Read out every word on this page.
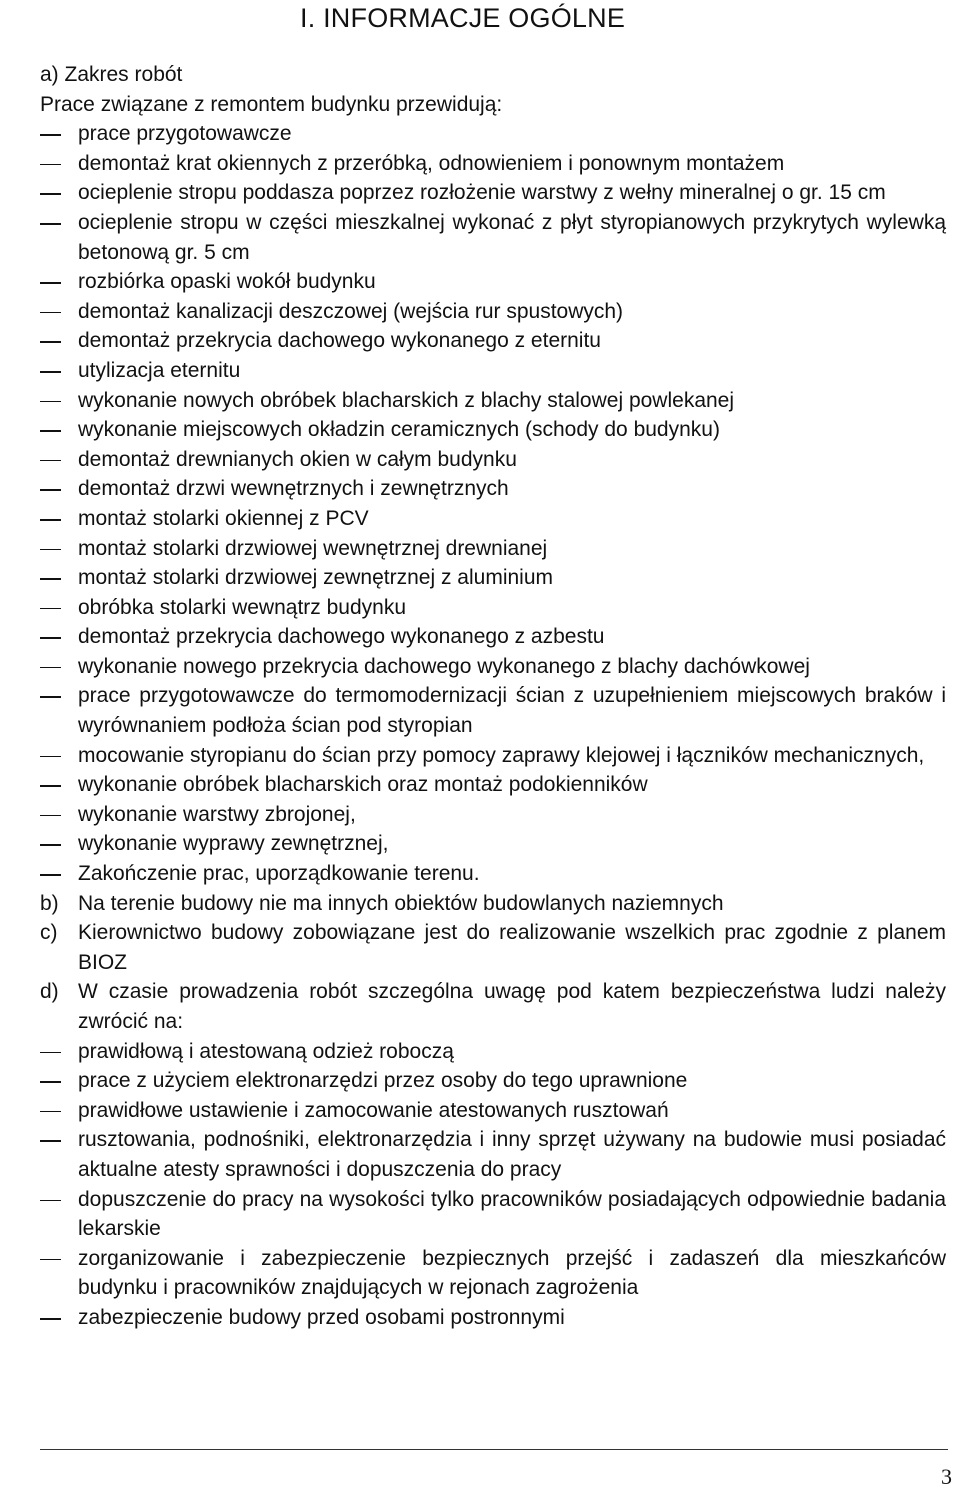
I. INFORMACJE OGÓLNE
a) Zakres robót
Prace związane z remontem budynku przewidują:
prace przygotowawcze
demontaż krat okiennych z przeróbką, odnowieniem i ponownym montażem
ocieplenie stropu poddasza poprzez rozłożenie warstwy z wełny mineralnej o gr. 15 cm
ocieplenie stropu w części mieszkalnej wykonać z płyt styropianowych przykrytych wylewką betonową gr. 5 cm
rozbiórka opaski wokół budynku
demontaż kanalizacji deszczowej (wejścia rur spustowych)
demontaż przekrycia dachowego wykonanego z eternitu
utylizacja eternitu
wykonanie nowych obróbek blacharskich z blachy stalowej powlekanej
wykonanie miejscowych okładzin ceramicznych (schody do budynku)
demontaż drewnianych okien w całym budynku
demontaż drzwi wewnętrznych i zewnętrznych
montaż stolarki okiennej z PCV
montaż stolarki drzwiowej wewnętrznej drewnianej
montaż stolarki drzwiowej zewnętrznej z aluminium
obróbka stolarki wewnątrz budynku
demontaż przekrycia dachowego wykonanego z azbestu
wykonanie nowego przekrycia dachowego wykonanego z blachy dachówkowej
prace przygotowawcze do termomodernizacji ścian z uzupełnieniem miejscowych braków i wyrównaniem podłoża ścian pod styropian
mocowanie styropianu do ścian przy pomocy zaprawy klejowej i łączników mechanicznych,
wykonanie obróbek blacharskich oraz montaż podokienników
wykonanie warstwy zbrojonej,
wykonanie wyprawy zewnętrznej,
Zakończenie prac, uporządkowanie terenu.
b) Na terenie budowy nie ma innych obiektów budowlanych naziemnych
c) Kierownictwo budowy zobowiązane jest do realizowanie wszelkich prac zgodnie z planem BIOZ
d) W czasie prowadzenia robót szczególna uwagę pod katem bezpieczeństwa ludzi należy zwrócić na:
prawidłową i atestowaną odzież roboczą
prace z użyciem elektronarzędzi przez osoby do tego uprawnione
prawidłowe ustawienie i zamocowanie atestowanych rusztowań
rusztowania, podnośniki, elektronarzędzia i inny sprzęt używany na budowie musi posiadać aktualne atesty sprawności i dopuszczenia do pracy
dopuszczenie do pracy na wysokości tylko pracowników posiadających odpowiednie badania lekarskie
zorganizowanie i zabezpieczenie bezpiecznych przejść i zadaszeń dla mieszkańców budynku i pracowników znajdujących w rejonach zagrożenia
zabezpieczenie budowy przed osobami postronnymi
3
